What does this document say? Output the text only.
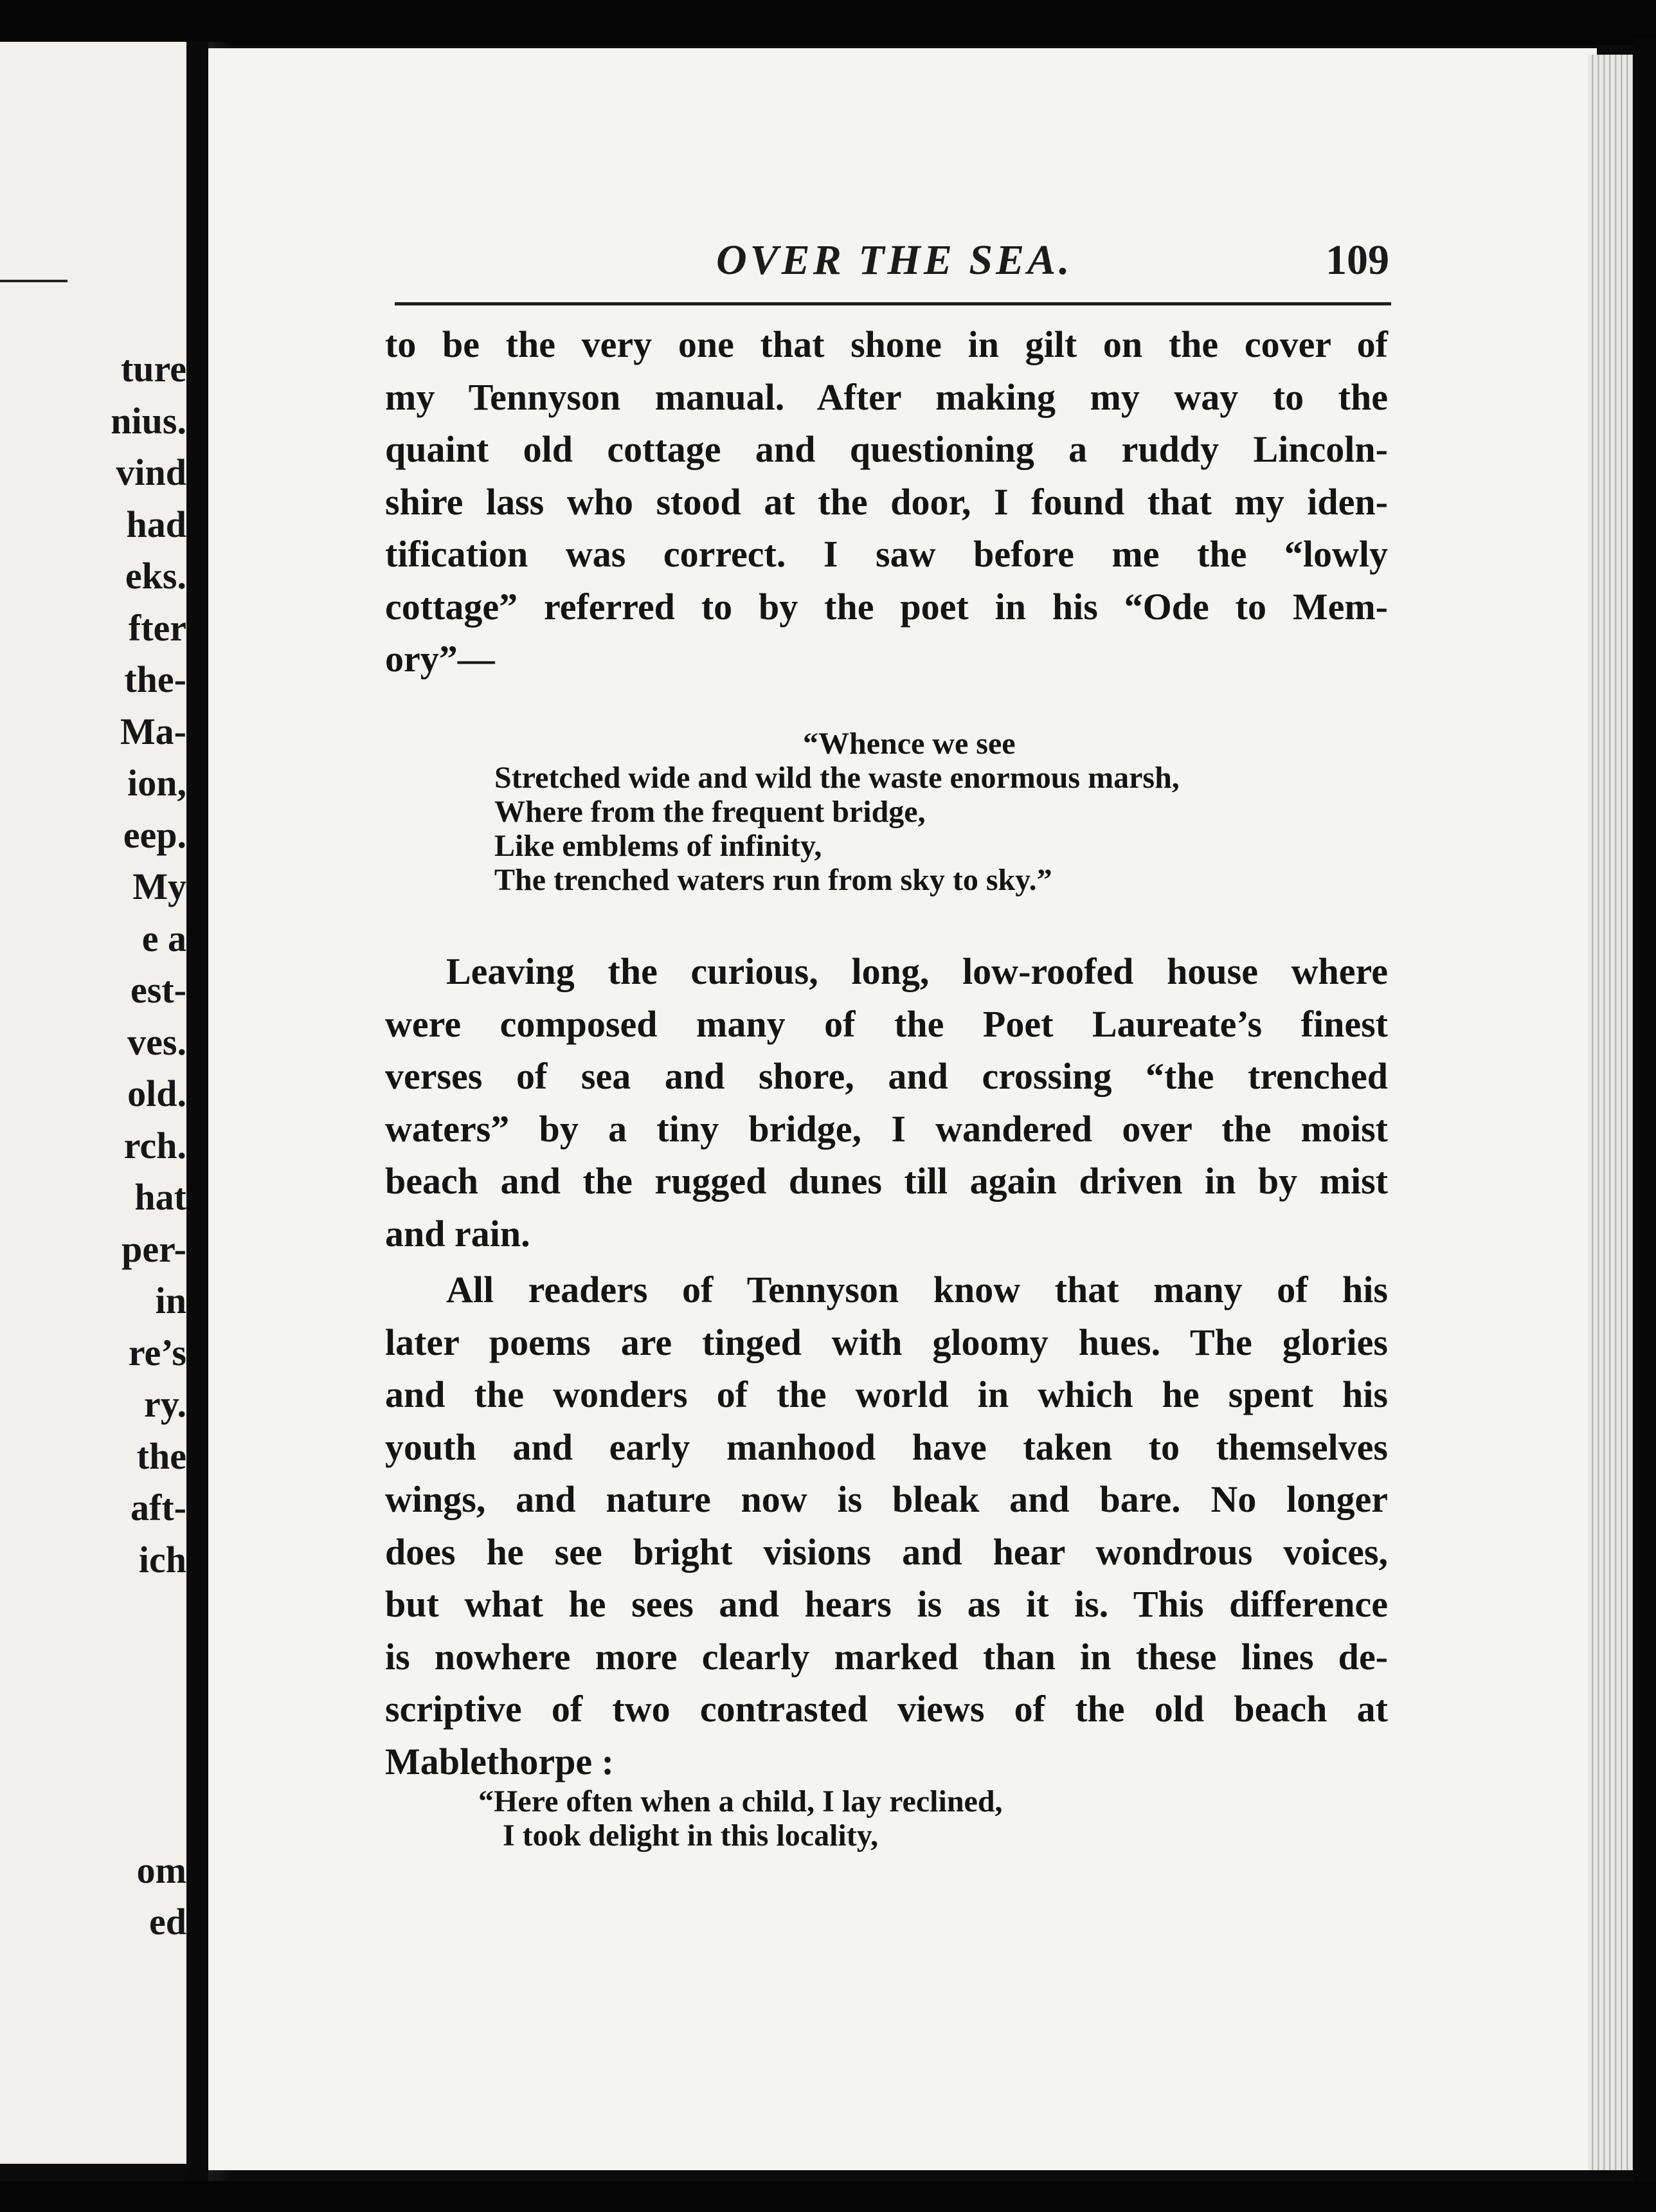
ture
nius.
vind
had
eks.
fter
the-
Ma-
ion,
eep.
My
e a
est-
ves.
old.
rch.
hat
per-
in
re’s
ry.
the
aft-
ich
om
ed
OVER THE SEA.	109
to be the very one that shone in gilt on the cover of
my Tennyson manual. After making my way to the
quaint old cottage and questioning a ruddy Lincoln-
shire lass who stood at the door, I found that my iden-
tification was correct. I saw before me the “lowly
cottage” referred to by the poet in his “Ode to Mem-
ory”—
“Whence we see
Stretched wide and wild the waste enormous marsh,
Where from the frequent bridge,
Like emblems of infinity,
The trenched waters run from sky to sky.”
Leaving the curious, long, low-roofed house where
were composed many of the Poet Laureate’s finest
verses of sea and shore, and crossing “the trenched
waters” by a tiny bridge, I wandered over the moist
beach and the rugged dunes till again driven in by mist
and rain.
All readers of Tennyson know that many of his
later poems are tinged with gloomy hues. The glories
and the wonders of the world in which he spent his
youth and early manhood have taken to themselves
wings, and nature now is bleak and bare. No longer
does he see bright visions and hear wondrous voices,
but what he sees and hears is as it is. This difference
is nowhere more clearly marked than in these lines de-
scriptive of two contrasted views of the old beach at
Mablethorpe :
“Here often when a child, I lay reclined,
I took delight in this locality,
